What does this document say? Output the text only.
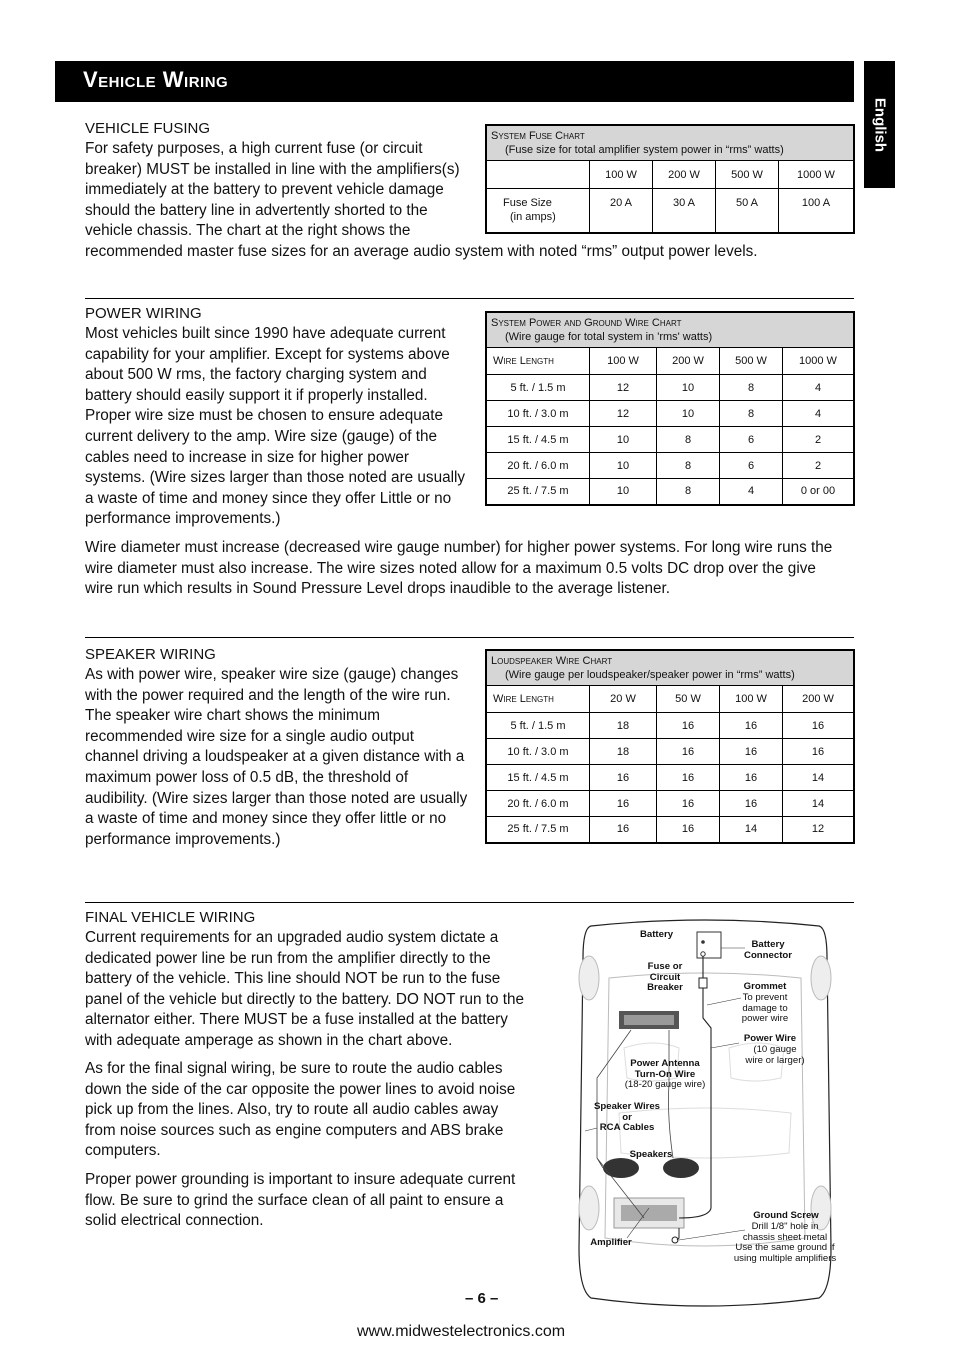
Vehicle Wiring
English
VEHICLE FUSING
For safety purposes, a high current fuse (or circuit
breaker) MUST be installed in line with the amplifiers(s)
immediately at the battery to prevent vehicle damage
should the battery line in advertently shorted to the
vehicle chassis. The chart at the right shows the
recommended master fuse sizes for an average audio system with noted “rms” output power levels.
System Fuse Chart
(Fuse size for total amplifier system power in “rms” watts)				

	100 W	200 W	500 W	1000 W

Fuse Size
(in amps)	20 A	30 A	50 A	100 A
POWER WIRING
Most vehicles built since 1990 have adequate current
capability for your amplifier. Except for systems above
about 500 W rms, the factory charging system and
battery should easily support it if properly installed.
Proper wire size must be chosen to ensure adequate
current delivery to the amp. Wire size (gauge) of the
cables need to increase in size for higher power
systems. (Wire sizes larger than those noted are usually
a waste of time and money since they offer Little or no
performance improvements.)
Wire diameter must increase (decreased wire gauge number) for higher power systems. For long wire runs the
wire diameter must also increase. The wire sizes noted allow for a maximum 0.5 volts DC drop over the give
wire run which results in Sound Pressure Level drops inaudible to the average listener.
System Power and Ground Wire Chart
(Wire gauge for total system in 'rms' watts)				

Wire Length	100 W	200 W	500 W	1000 W
5 ft. / 1.5 m	12	10	8	4
10 ft. / 3.0 m	12	10	8	4
15 ft. / 4.5 m	10	8	6	2
20 ft. / 6.0 m	10	8	6	2
25 ft. / 7.5 m	10	8	4	0 or 00
SPEAKER WIRING
As with power wire, speaker wire size (gauge) changes
with the power required and the length of the wire run.
The speaker wire chart shows the minimum
recommended wire size for a single audio output
channel driving a loudspeaker at a given distance with a
maximum power loss of 0.5 dB, the threshold of
audibility. (Wire sizes larger than those noted are usually
a waste of time and money since they offer little or no
performance improvements.)
Loudspeaker Wire Chart
(Wire gauge per loudspeaker/speaker power in “rms” watts)				

Wire Length	20 W	50 W	100 W	200 W
5 ft. / 1.5 m	18	16	16	16
10 ft. / 3.0 m	18	16	16	16
15 ft. / 4.5 m	16	16	16	14
20 ft. / 6.0 m	16	16	16	14
25 ft. / 7.5 m	16	16	14	12
FINAL VEHICLE WIRING
Current requirements for an upgraded audio system dictate a
dedicated power line be run from the amplifier directly to the
battery of the vehicle. This line should NOT be run to the fuse
panel of the vehicle but directly to the battery. DO NOT run to the
alternator either. There MUST be a fuse installed at the battery
with adequate amperage as shown in the chart above.
As for the final signal wiring, be sure to route the audio cables
down the side of the car opposite the power lines to avoid noise
pick up from the lines. Also, try to route all audio cables away
from noise sources such as engine computers and ABS brake
computers.
Proper power grounding is important to insure adequate current
flow. Be sure to grind the surface clean of all paint to ensure a
solid electrical connection.
Battery
Battery
Connector
Fuse or
Circuit
Breaker	Grommet
To prevent
damage to
power wire
Power Wire
(10 gauge
wire or larger)
Power Antenna
Turn-On Wire
(18-20 gauge wire)
Speaker Wires
or
RCA Cables
Speakers
Ground Screw
Drill 1/8" hole in
chassis sheet metal
Use the same ground if
using multiple amplifiers
Amplifier
– 6 –
www.midwestelectronics.com
